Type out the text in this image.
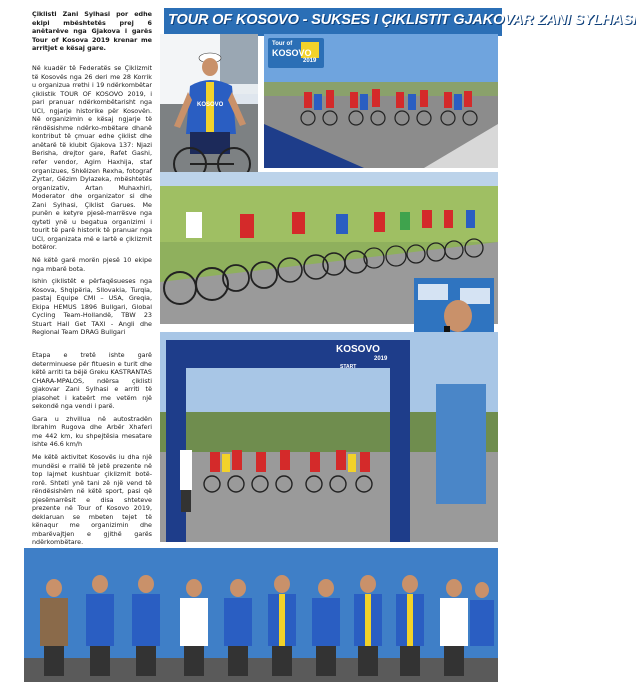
TOUR OF KOSOVO - SUKSES I ÇIKLISTIT GJAKOVAR ZANI SYLHASI

Çiklisti Zani Sylhasi por edhe ekipi mbështetës prej 6 anëtarëve nga Gjakova i garës Tour of Kosova 2019 krenar me arritjet e kësaj gare.

Në kuadër të Federatës se Çiklizmit të Kosovës nga 26 deri me 28 Korrik u organizua rrethi i 19 ndërkombëtar çiklistik TOUR OF KOSOVO 2019, i pari pranuar ndërkombëtarisht nga UCI, ngjarje historike për Kosovën. Në organizimin e kësaj ngjarje të rëndësishme ndërko-mbëtare dhanë kontribut të çmuar edhe çiklist dhe anëtarë të klubit Gjakova 137: Njazi Berisha, drejtor gare, Rafet Gashi, refer vendor, Agim Haxhija, staf organizues, Shkëlzen Rexha, fotograf Zyrtar, Gëzim Dylazeka, mbështetës organizativ, Artan Muhaxhiri, Moderator dhe organizator si dhe Zani Sylhasi, Çiklist Garues. Me punën e ketyre pjesë-marrësve nga qyteti ynë u begatua organizimi i tourit të parë historik të pranuar nga UCI, organizata më e lartë e çiklizmit botëror.

Në këtë garë morën pjesë 10 ekipe nga mbarë bota.

Ishin çiklistët e përfaqësueses nga Kosova, Shqipëria, Sllovakia, Turqia, pastaj Equipe CMI – USA, Greqia, Ekipa HEMUS 1896 Bullgari, Global Cycling Team-Hollandë, TBW 23 Stuart Hall Get TAXI - Angli dhe Regional Team DRAG Bullgari

Etapa e tretë ishte garë determinuese për fituesin e turit dhe këtë arriti ta bëjë Greku KASTRANTAS CHARA-MPALOS, ndërsa çiklisti gjakovar Zani Sylhasi e arriti të plasohet i kateërt me vetëm një sekondë nga vendi i parë.

Gara u zhvillua në autostradën Ibrahim Rugova dhe Arbër Xhaferi me 442 km, ku shpejtësia mesatare ishte 46.6 km/h

Me këtë aktivitet Kosovës iu dha një mundësi e rrallë të jetë prezente në top lajmet kushtuar çiklizmit botë-rorë. Shteti ynë tani zë një vend të rëndësishëm në këtë sport, pasi që pjesëmarrësit e disa shteteve prezente në Tour of Kosovo 2019, deklaruan se mbeten tejet të kënaqur me organizimin dhe mbarëvajtjen e gjithë garës ndërkombëtare.

KOSOVO
Tour of
KOSOVO
2019
KOSOVO
2019
START
